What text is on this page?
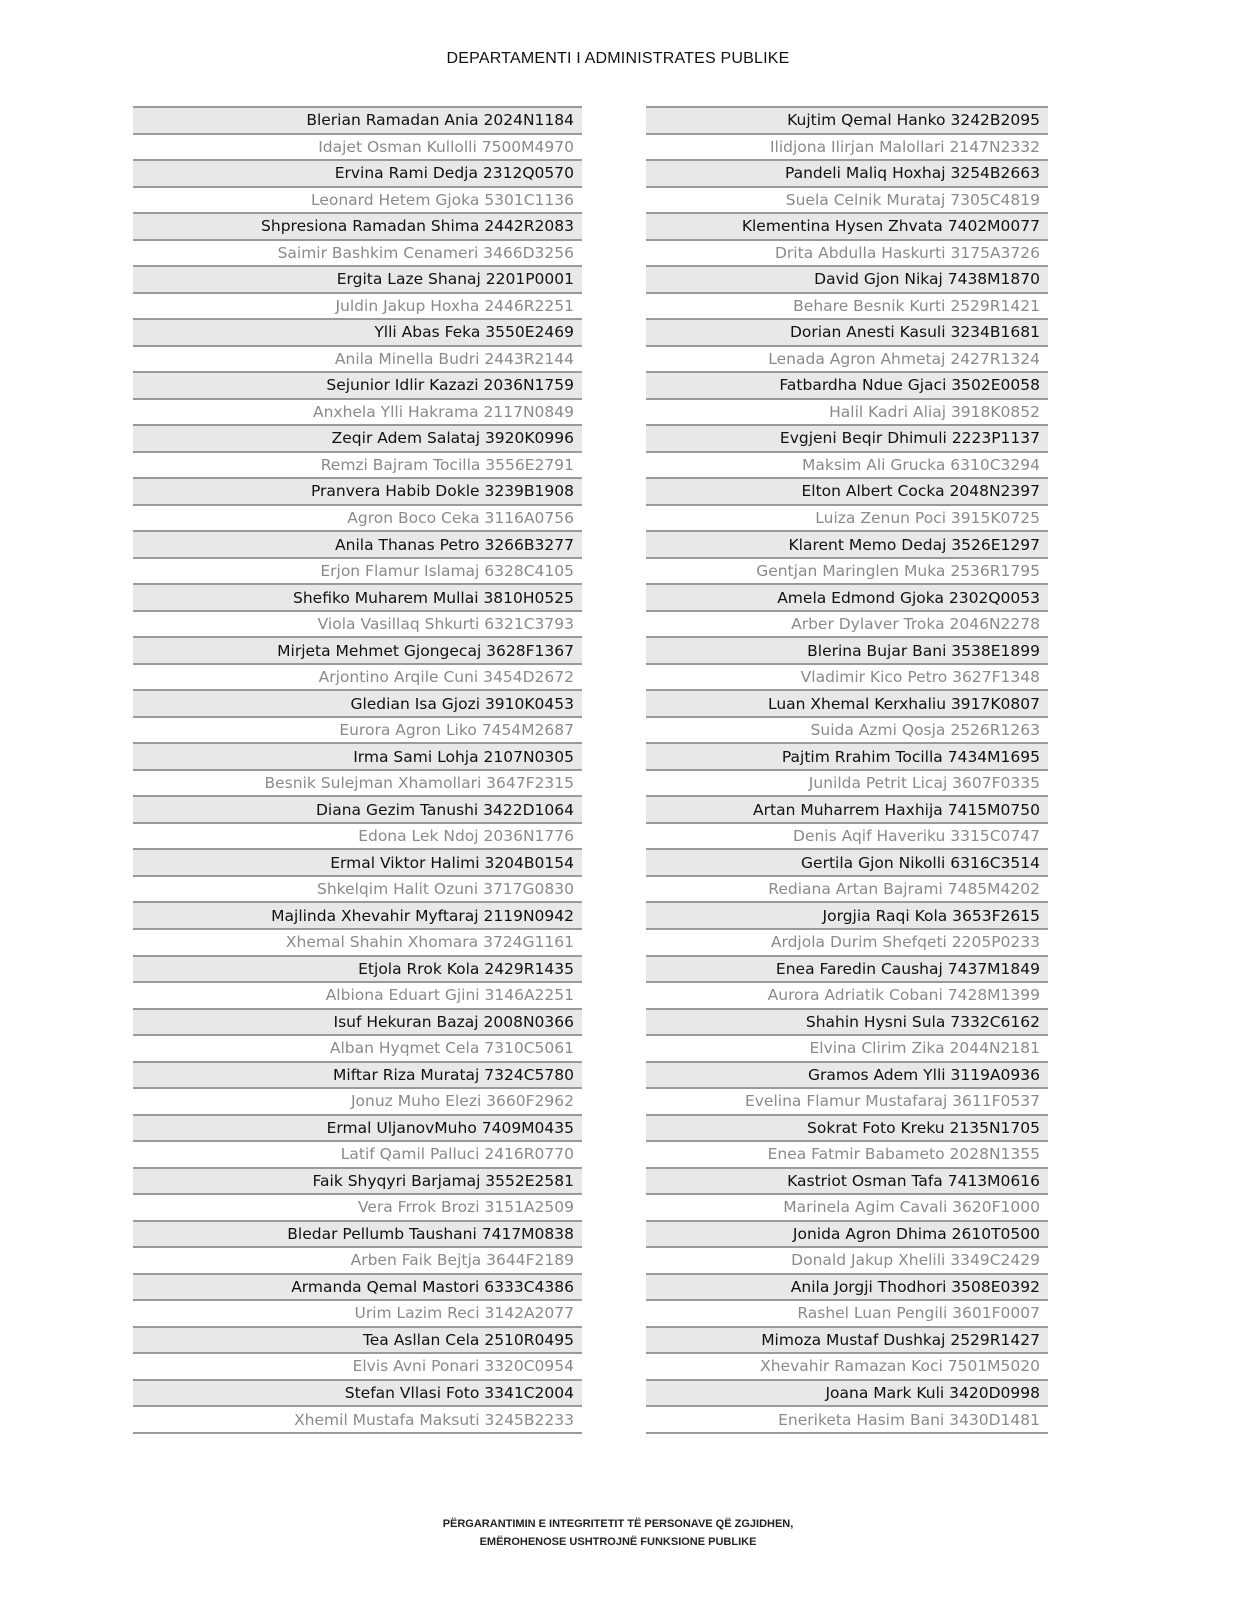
DEPARTAMENTI I ADMINISTRATES PUBLIKE
Blerian Ramadan Ania 2024N1184
Idajet Osman Kullolli 7500M4970
Ervina Rami Dedja 2312Q0570
Leonard Hetem Gjoka 5301C1136
Shpresiona Ramadan Shima 2442R2083
Saimir Bashkim Cenameri 3466D3256
Ergita Laze Shanaj 2201P0001
Juldin Jakup Hoxha 2446R2251
Ylli Abas Feka 3550E2469
Anila Minella Budri 2443R2144
Sejunior Idlir Kazazi 2036N1759
Anxhela Ylli Hakrama 2117N0849
Zeqir Adem Salataj 3920K0996
Remzi Bajram Tocilla 3556E2791
Pranvera Habib Dokle 3239B1908
Agron Boco Ceka 3116A0756
Anila Thanas Petro 3266B3277
Erjon Flamur Islamaj 6328C4105
Shefiko Muharem Mullai 3810H0525
Viola Vasillaq Shkurti 6321C3793
Mirjeta Mehmet Gjongecaj 3628F1367
Arjontino Arqile Cuni 3454D2672
Gledian Isa Gjozi 3910K0453
Eurora Agron Liko 7454M2687
Irma Sami Lohja 2107N0305
Besnik Sulejman Xhamollari 3647F2315
Diana Gezim Tanushi 3422D1064
Edona Lek Ndoj 2036N1776
Ermal Viktor Halimi 3204B0154
Shkelqim Halit Ozuni 3717G0830
Majlinda Xhevahir Myftaraj 2119N0942
Xhemal Shahin Xhomara 3724G1161
Etjola Rrok Kola 2429R1435
Albiona Eduart Gjini 3146A2251
Isuf Hekuran Bazaj 2008N0366
Alban Hyqmet Cela 7310C5061
Miftar Riza Murataj 7324C5780
Jonuz Muho Elezi 3660F2962
Ermal UljanovMuho 7409M0435
Latif Qamil Palluci 2416R0770
Faik Shyqyri Barjamaj 3552E2581
Vera Frrok Brozi 3151A2509
Bledar Pellumb Taushani 7417M0838
Arben Faik Bejtja 3644F2189
Armanda Qemal Mastori 6333C4386
Urim Lazim Reci 3142A2077
Tea Asllan Cela 2510R0495
Elvis Avni Ponari 3320C0954
Stefan Vllasi Foto 3341C2004
Xhemil Mustafa Maksuti 3245B2233
Kujtim Qemal Hanko 3242B2095
Ilidjona Ilirjan Malollari 2147N2332
Pandeli Maliq Hoxhaj 3254B2663
Suela Celnik Murataj 7305C4819
Klementina Hysen Zhvata 7402M0077
Drita Abdulla Haskurti 3175A3726
David Gjon Nikaj 7438M1870
Behare Besnik Kurti 2529R1421
Dorian Anesti Kasuli 3234B1681
Lenada Agron Ahmetaj 2427R1324
Fatbardha Ndue Gjaci 3502E0058
Halil Kadri Aliaj 3918K0852
Evgjeni Beqir Dhimuli 2223P1137
Maksim Ali Grucka 6310C3294
Elton Albert Cocka 2048N2397
Luiza Zenun Poci 3915K0725
Klarent Memo Dedaj 3526E1297
Gentjan Maringlen Muka 2536R1795
Amela Edmond Gjoka 2302Q0053
Arber Dylaver Troka 2046N2278
Blerina Bujar Bani 3538E1899
Vladimir Kico Petro 3627F1348
Luan Xhemal Kerxhaliu 3917K0807
Suida Azmi Qosja 2526R1263
Pajtim Rrahim Tocilla 7434M1695
Junilda Petrit Licaj 3607F0335
Artan Muharrem Haxhija 7415M0750
Denis Aqif Haveriku 3315C0747
Gertila Gjon Nikolli 6316C3514
Rediana Artan Bajrami 7485M4202
Jorgjia Raqi Kola 3653F2615
Ardjola Durim Shefqeti 2205P0233
Enea Faredin Caushaj 7437M1849
Aurora Adriatik Cobani 7428M1399
Shahin Hysni Sula 7332C6162
Elvina Clirim Zika 2044N2181
Gramos Adem Ylli 3119A0936
Evelina Flamur Mustafaraj 3611F0537
Sokrat Foto Kreku 2135N1705
Enea Fatmir Babameto 2028N1355
Kastriot Osman Tafa 7413M0616
Marinela Agim Cavali 3620F1000
Jonida Agron Dhima 2610T0500
Donald Jakup Xhelili 3349C2429
Anila Jorgji Thodhori 3508E0392
Rashel Luan Pengili 3601F0007
Mimoza Mustaf Dushkaj 2529R1427
Xhevahir Ramazan Koci 7501M5020
Joana Mark Kuli 3420D0998
Eneriketa Hasim Bani 3430D1481
PËRGARANTIMIN E INTEGRITETIT TË PERSONAVE QË ZGJIDHEN,
EMËROHENOSE USHTROJNË FUNKSIONE PUBLIKE
